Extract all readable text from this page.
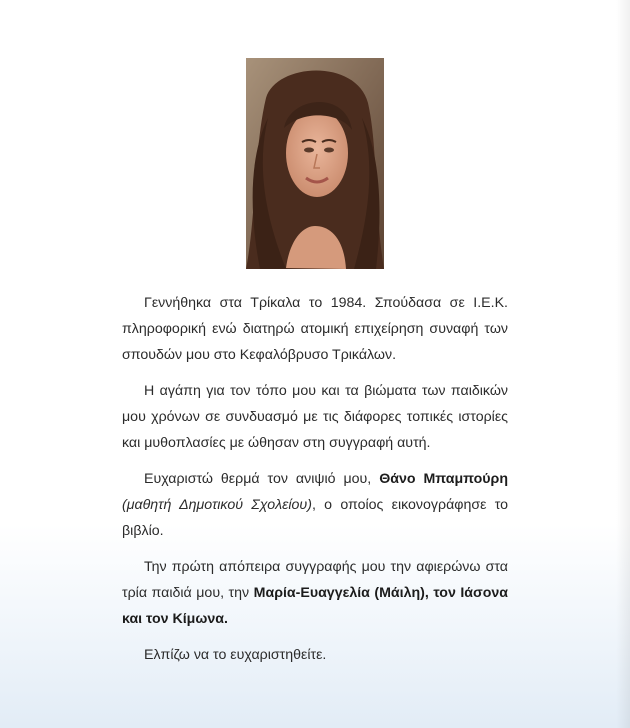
Γεννήθηκα στα Τρίκαλα το 1984. Σπούδασα σε Ι.Ε.Κ. πληροφορική ενώ διατηρώ ατομική επιχείρηση συναφή των σπουδών μου στο Κεφαλόβρυσο Τρικάλων.

Η αγάπη για τον τόπο μου και τα βιώματα των παιδικών μου χρόνων σε συνδυασμό με τις διάφορες τοπικές ιστορίες και μυθοπλασίες με ώθησαν στη συγγραφή αυτή.

Ευχαριστώ θερμά τον ανιψιό μου, Θάνο Μπαμπούρη (μαθητή Δημοτικού Σχολείου), ο οποίος εικονογράφησε το βιβλίο.

Την πρώτη απόπειρα συγγραφής μου την αφιερώνω στα τρία παιδιά μου, την Μαρία-Ευαγγελία (Μάιλη), τον Ιάσονα και τον Κίμωνα.

Ελπίζω να το ευχαριστηθείτε.
